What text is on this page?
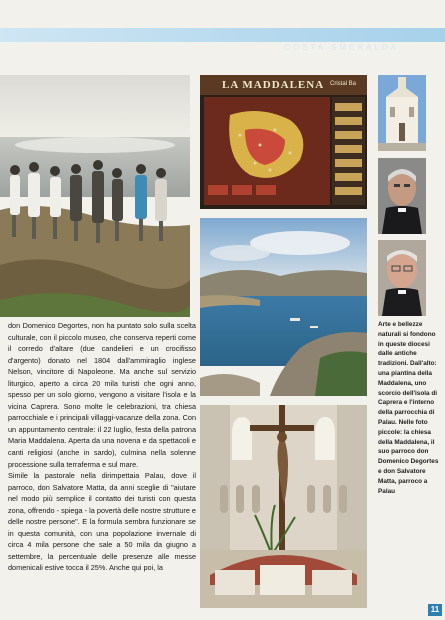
COSTA SMERALDA
LA MADDALENA Cristal Ba

don Domenico Degortes, non ha puntato solo sulla scelta culturale, con il piccolo museo, che conserva reperti come il corredo d'altare (due candelieri e un crocifisso d'argento) donato nel 1804 dall'ammiraglio inglese Nelson, vincitore di Napoleone. Ma anche sul servizio liturgico, aperto a circa 20 mila turisti che ogni anno, spesso per un solo giorno, vengono a visitare l'isola e la vicina Caprera. Sono molte le celebrazioni, tra chiesa parrocchiale e i principali villaggi-vacanze della zona. Con un appuntamento centrale: il 22 luglio, festa della patrona Maria Maddalena. Aperta da una novena e da spettacoli e canti religiosi (anche in sardo), culmina nella solenne processione sulla terraferma e sul mare.

Simile la pastorale nella dirimpettaia Palau, dove il parroco, don Salvatore Matta, da anni sceglie di "aiutare nel modo più semplice il contatto dei turisti con questa zona, offrendo - spiega - la povertà delle nostre strutture e delle nostre persone". E la formula sembra funzionare se in questa comunità, con una popolazione invernale di circa 4 mila persone che sale a 50 mila da giugno a settembre, la percentuale delle presenze alle messe domenicali estive tocca il 25%. Anche qui poi, la

Arte e bellezze naturali si fondono in queste diocesi dalle antiche tradizioni. Dall'alto: una piantina della Maddalena, uno scorcio dell'isola di Caprera e l'interno della parrocchia di Palau. Nelle foto piccole: la chiesa della Maddalena, il suo parroco don Domenico Degortes e don Salvatore Matta, parroco a Palau

11
